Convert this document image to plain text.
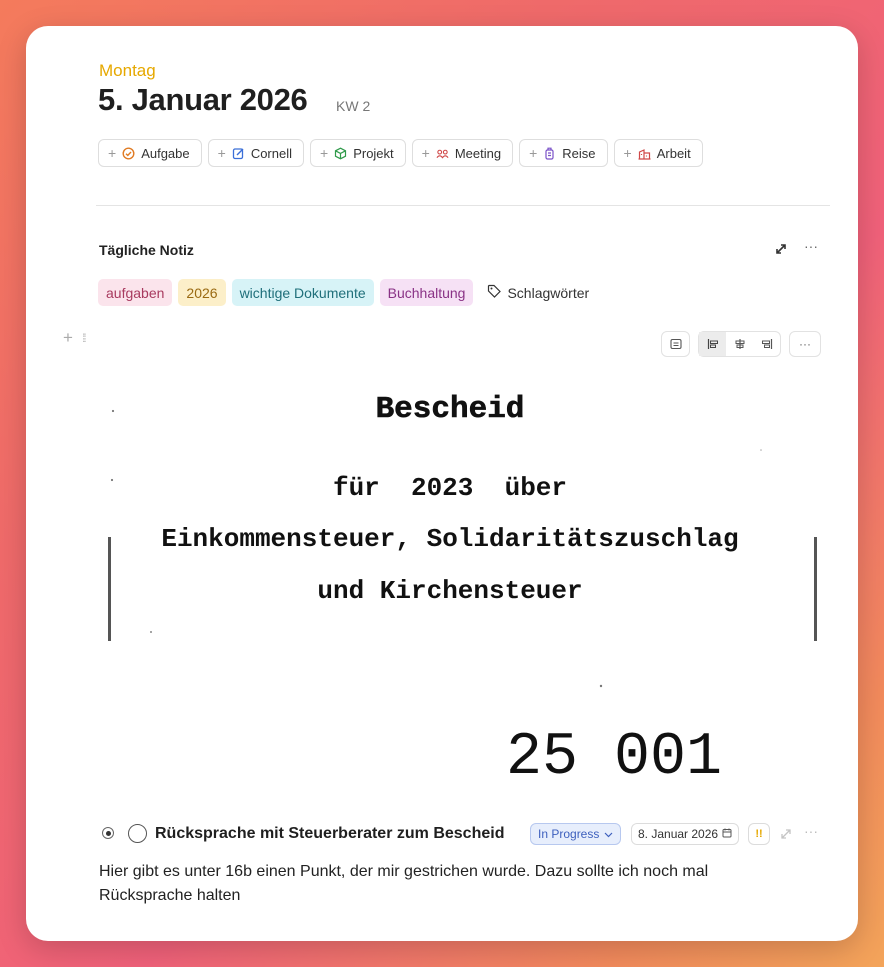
Montag
5. Januar 2026 KW 2
+ Aufgabe + Cornell + Projekt + Meeting + Reise + Arbeit
Tägliche Notiz	···
aufgaben	2026	wichtige Dokumente	Buchhaltung	Schlagwörter
+ ⁞⁞
Bescheid
für  2023  über
Einkommensteuer, Solidaritätszuschlag
und Kirchensteuer
25 001
···
Rücksprache mit Steuerberater zum Bescheid	In Progress	8. Januar 2026	!!	···
Hier gibt es unter 16b einen Punkt, der mir gestrichen wurde. Dazu sollte ich noch mal Rücksprache halten
